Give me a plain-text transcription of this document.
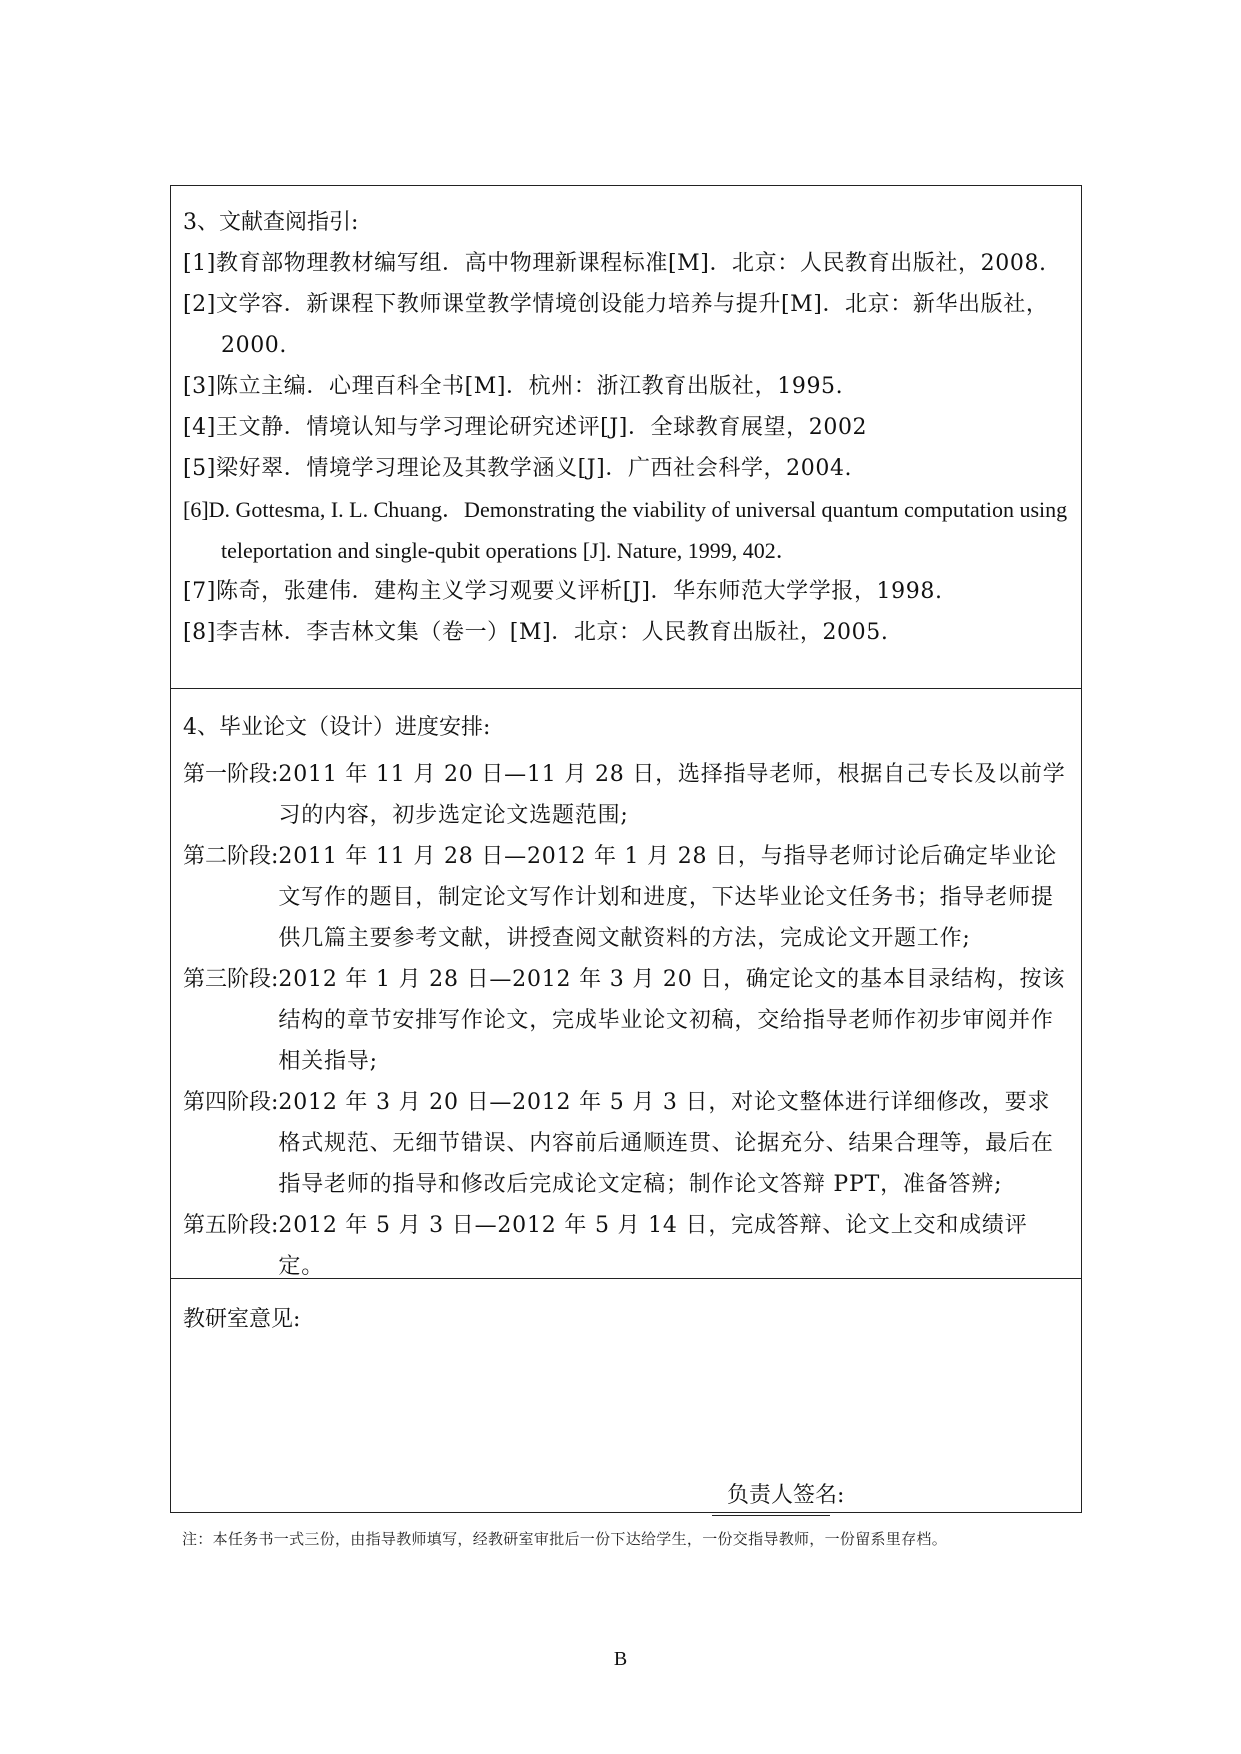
3、文献查阅指引:
[1]教育部物理教材编写组．高中物理新课程标准[M]．北京：人民教育出版社，2008.
[2]文学容．新课程下教师课堂教学情境创设能力培养与提升[M]．北京：新华出版社，2000.
[3]陈立主编．心理百科全书[M]．杭州：浙江教育出版社，1995.
[4]王文静．情境认知与学习理论研究述评[J]．全球教育展望，2002
[5]梁好翠．情境学习理论及其教学涵义[J]．广西社会科学，2004.
[6]D. Gottesma, I. L. Chuang．Demonstrating the viability of universal quantum computation using teleportation and single-qubit operations [J]. Nature, 1999, 402．
[7]陈奇，张建伟．建构主义学习观要义评析[J]．华东师范大学学报，1998.
[8]李吉林．李吉林文集（卷一）[M]．北京：人民教育出版社，2005.
4、毕业论文（设计）进度安排:
第一阶段: 2011 年 11 月 20 日—11 月 28 日，选择指导老师，根据自己专长及以前学习的内容，初步选定论文选题范围;
第二阶段: 2011 年 11 月 28 日—2012 年 1 月 28 日，与指导老师讨论后确定毕业论文写作的题目，制定论文写作计划和进度，下达毕业论文任务书；指导老师提供几篇主要参考文献，讲授查阅文献资料的方法，完成论文开题工作;
第三阶段: 2012 年 1 月 28 日—2012 年 3 月 20 日，确定论文的基本目录结构，按该结构的章节安排写作论文，完成毕业论文初稿，交给指导老师作初步审阅并作相关指导;
第四阶段: 2012 年 3 月 20 日—2012 年 5 月 3 日，对论文整体进行详细修改，要求格式规范、无细节错误、内容前后通顺连贯、论据充分、结果合理等，最后在指导老师的指导和修改后完成论文定稿；制作论文答辩 PPT，准备答辨;
第五阶段: 2012 年 5 月 3 日—2012 年 5 月 14 日，完成答辩、论文上交和成绩评定。
教研室意见:
负责人签名:
注：本任务书一式三份，由指导教师填写，经教研室审批后一份下达给学生，一份交指导教师，一份留系里存档。
B
